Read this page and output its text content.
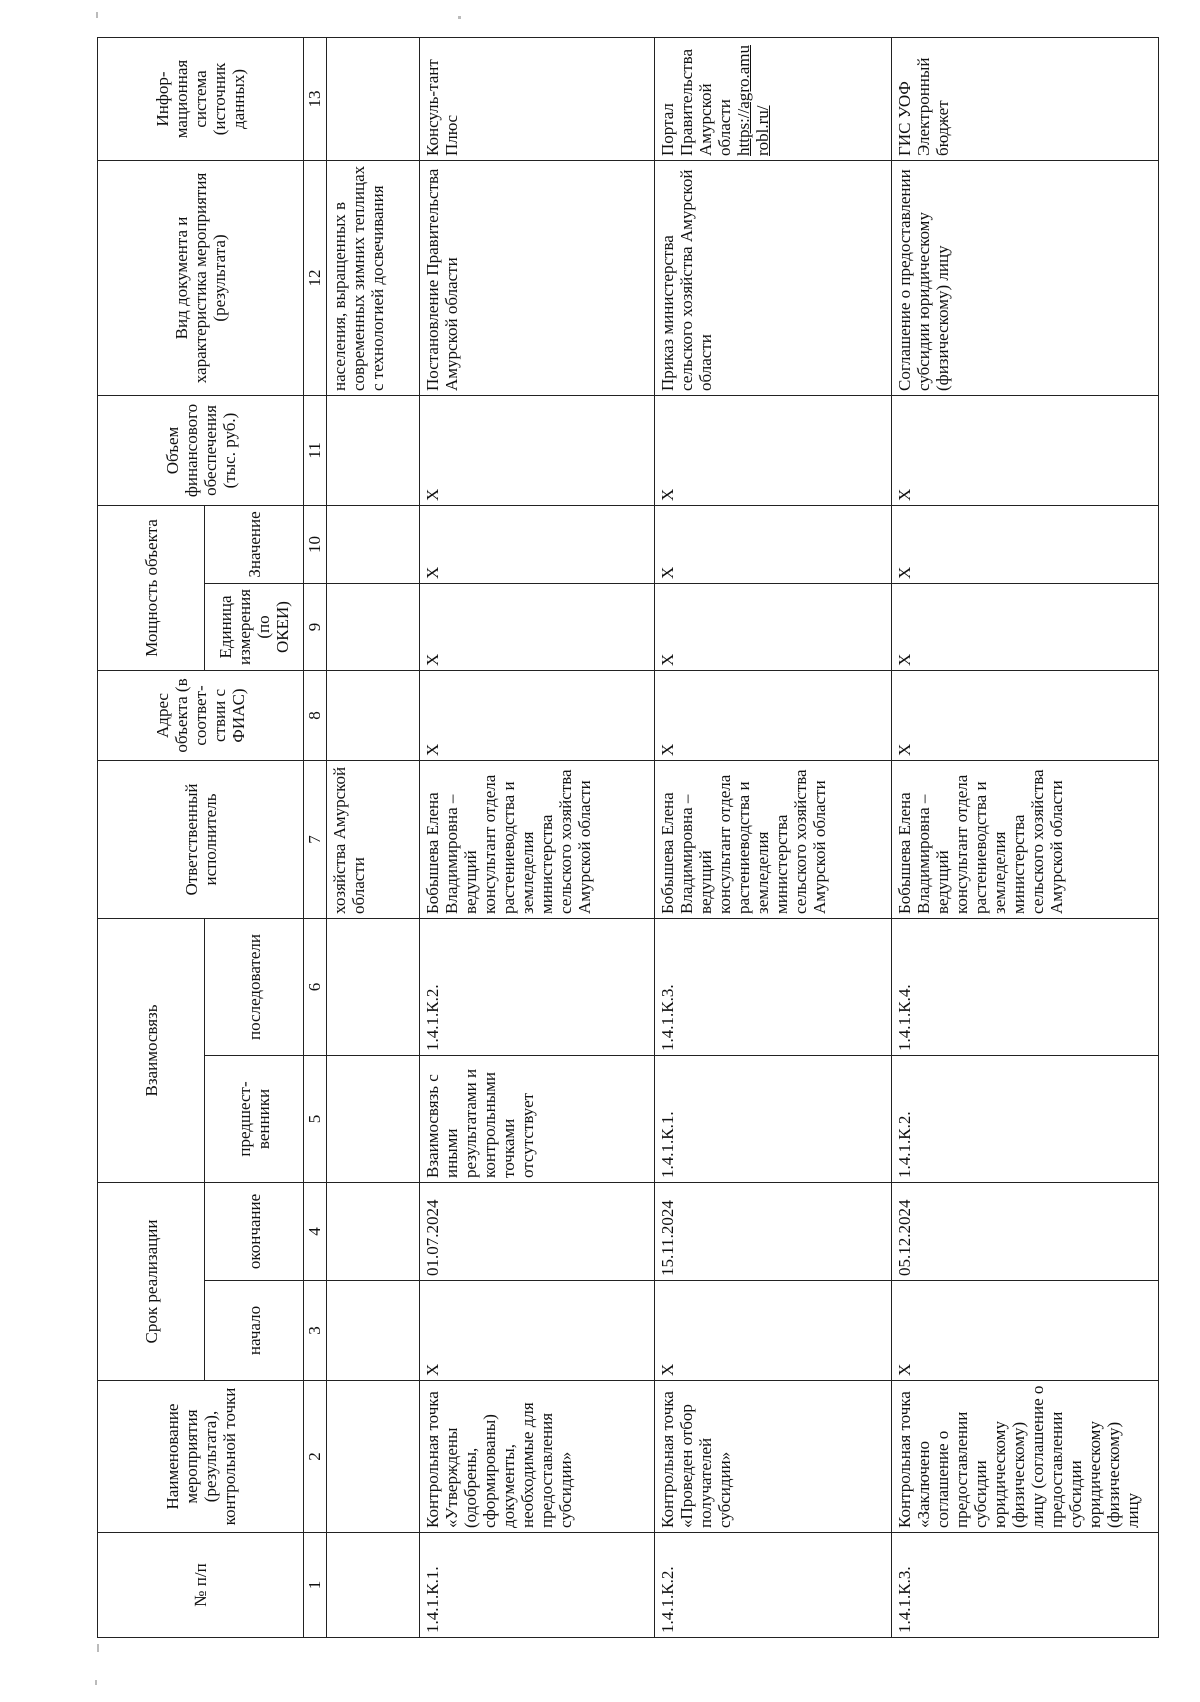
№ п/п	Наименование мероприятия (результата), контрольной точки	Срок реализации		Взаимосвязь		Ответственный исполнитель	Адрес объекта (в соответ-ствии с ФИАС)	Мощность объекта		Объем финансового обеспечения (тыс. руб.)	Вид документа и характеристика мероприятия (результата)	Инфор-мационная система (источник данных)
		начало	окончание	предшест-венники	последователи			Единица измерения (по ОКЕИ)	Значение			
1	2	3	4	5	6	7	8	9	10	11	12	13
						хозяйства Амурской области					населения, выращенных в современных зимних теплицах с технологией досвечивания	
1.4.1.К.1.	Контрольная точка «Утверждены (одобрены, сформированы) документы, необходимые для предоставления субсидии»	X	01.07.2024	Взаимосвязь с иными результатами и контрольными точками отсутствует	1.4.1.К.2.	Бобышева Елена Владимировна – ведущий консультант отдела растениеводства и земледелия министерства сельского хозяйства Амурской области	X	X	X	X	Постановление Правительства Амурской области	Консуль-тант Плюс
1.4.1.К.2.	Контрольная точка «Проведен отбор получателей субсидии»	X	15.11.2024	1.4.1.К.1.	1.4.1.К.3.	Бобышева Елена Владимировна – ведущий консультант отдела растениеводства и земледелия министерства сельского хозяйства Амурской области	X	X	X	X	Приказ министерства сельского хозяйства Амурской области	Портал Правительства Амурской области https://agro.amurobl.ru/
1.4.1.К.3.	Контрольная точка «Заключено соглашение о предоставлении субсидии юридическому (физическому) лицу (соглашение о предоставлении субсидии юридическому (физическому) лицу	X	05.12.2024	1.4.1.К.2.	1.4.1.К.4.	Бобышева Елена Владимировна – ведущий консультант отдела растениеводства и земледелия министерства сельского хозяйства Амурской области	X	X	X	X	Соглашение о предоставлении субсидии юридическому (физическому) лицу	ГИС УОФ Электронный бюджет
